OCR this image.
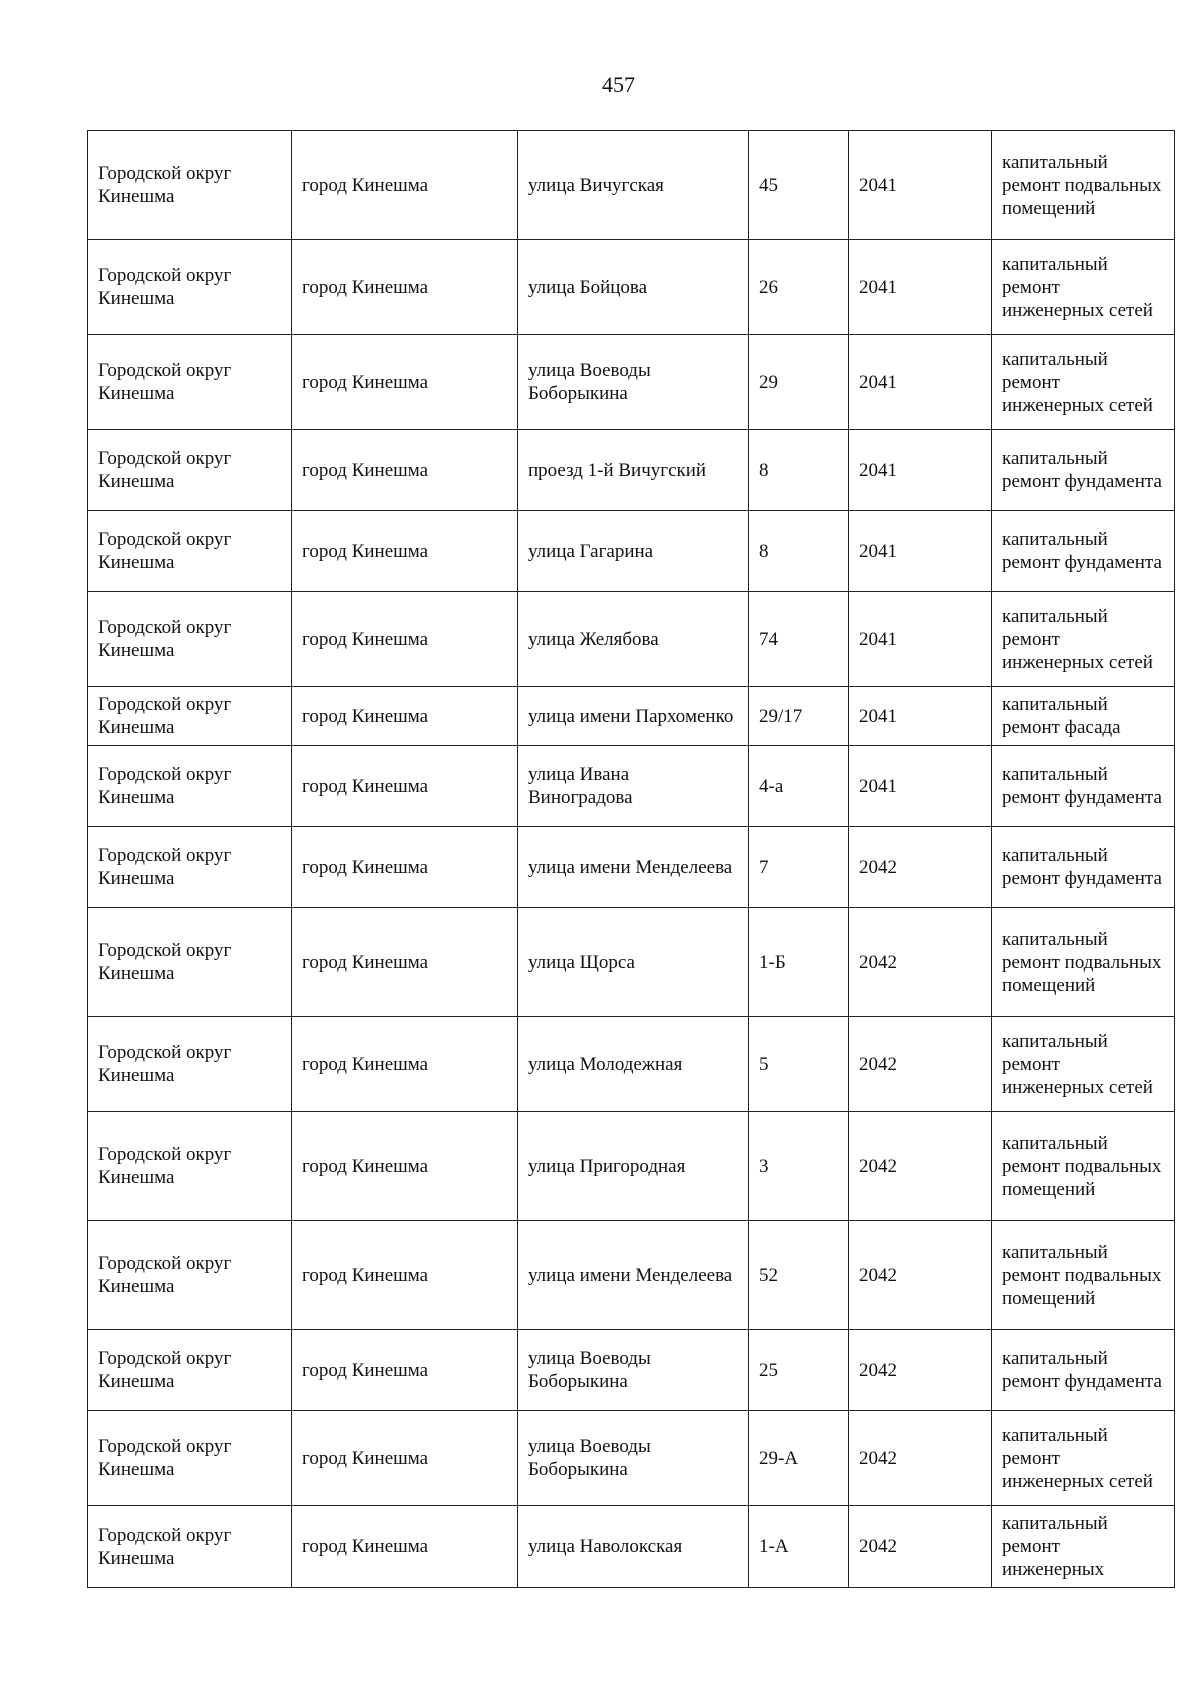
457
Городской округ Кинешма	город Кинешма	улица Вичугская	45	2041	капитальный ремонт подвальных помещений
Городской округ Кинешма	город Кинешма	улица Бойцова	26	2041	капитальный ремонт инженерных сетей
Городской округ Кинешма	город Кинешма	улица Воеводы Боборыкина	29	2041	капитальный ремонт инженерных сетей
Городской округ Кинешма	город Кинешма	проезд 1-й Вичугский	8	2041	капитальный ремонт фундамента
Городской округ Кинешма	город Кинешма	улица Гагарина	8	2041	капитальный ремонт фундамента
Городской округ Кинешма	город Кинешма	улица Желябова	74	2041	капитальный ремонт инженерных сетей
Городской округ Кинешма	город Кинешма	улица имени Пархоменко	29/17	2041	капитальный ремонт фасада
Городской округ Кинешма	город Кинешма	улица Ивана Виноградова	4-а	2041	капитальный ремонт фундамента
Городской округ Кинешма	город Кинешма	улица имени Менделеева	7	2042	капитальный ремонт фундамента
Городской округ Кинешма	город Кинешма	улица Щорса	1-Б	2042	капитальный ремонт подвальных помещений
Городской округ Кинешма	город Кинешма	улица Молодежная	5	2042	капитальный ремонт инженерных сетей
Городской округ Кинешма	город Кинешма	улица Пригородная	3	2042	капитальный ремонт подвальных помещений
Городской округ Кинешма	город Кинешма	улица имени Менделеева	52	2042	капитальный ремонт подвальных помещений
Городской округ Кинешма	город Кинешма	улица Воеводы Боборыкина	25	2042	капитальный ремонт фундамента
Городской округ Кинешма	город Кинешма	улица Воеводы Боборыкина	29-А	2042	капитальный ремонт инженерных сетей
Городской округ Кинешма	город Кинешма	улица Наволокская	1-А	2042	капитальный ремонт инженерных
